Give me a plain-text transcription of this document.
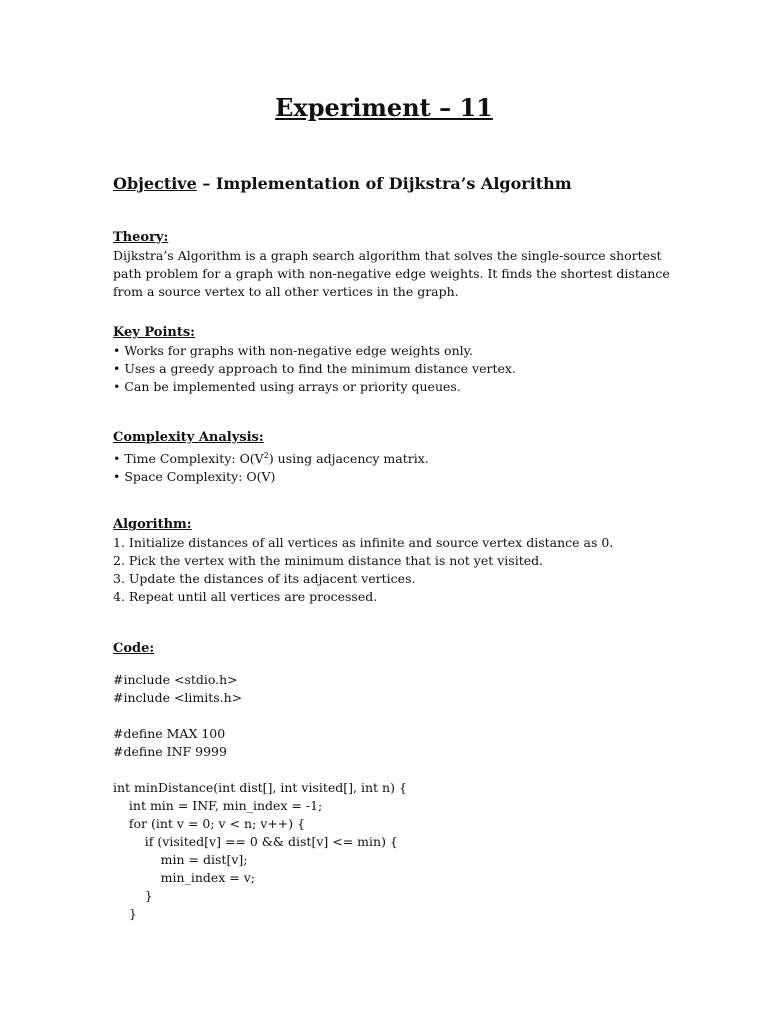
Experiment – 11

Objective – Implementation of Dijkstra’s Algorithm

Theory:

Dijkstra’s Algorithm is a graph search algorithm that solves the single-source shortest path problem for a graph with non-negative edge weights. It finds the shortest distance from a source vertex to all other vertices in the graph.

Key Points:

• Works for graphs with non-negative edge weights only.

• Uses a greedy approach to find the minimum distance vertex.

• Can be implemented using arrays or priority queues.

Complexity Analysis:

• Time Complexity: $O(V^2)$ using adjacency matrix.

• Space Complexity: O(V)

Algorithm:

1. Initialize distances of all vertices as infinite and source vertex distance as 0.

2. Pick the vertex with the minimum distance that is not yet visited.

3. Update the distances of its adjacent vertices.

4. Repeat until all vertices are processed.

Code:

#include <stdio.h>
#include <limits.h>
#define MAX 100
#define INF 9999
int minDistance(int dist[], int visited[], int n) {
int min = INF, min_index = -1;
for (int v = 0; v < n; v++) {
if (visited[v] == 0 && dist[v] <= min) {
min = dist[v];
min_index = v;
}
}
